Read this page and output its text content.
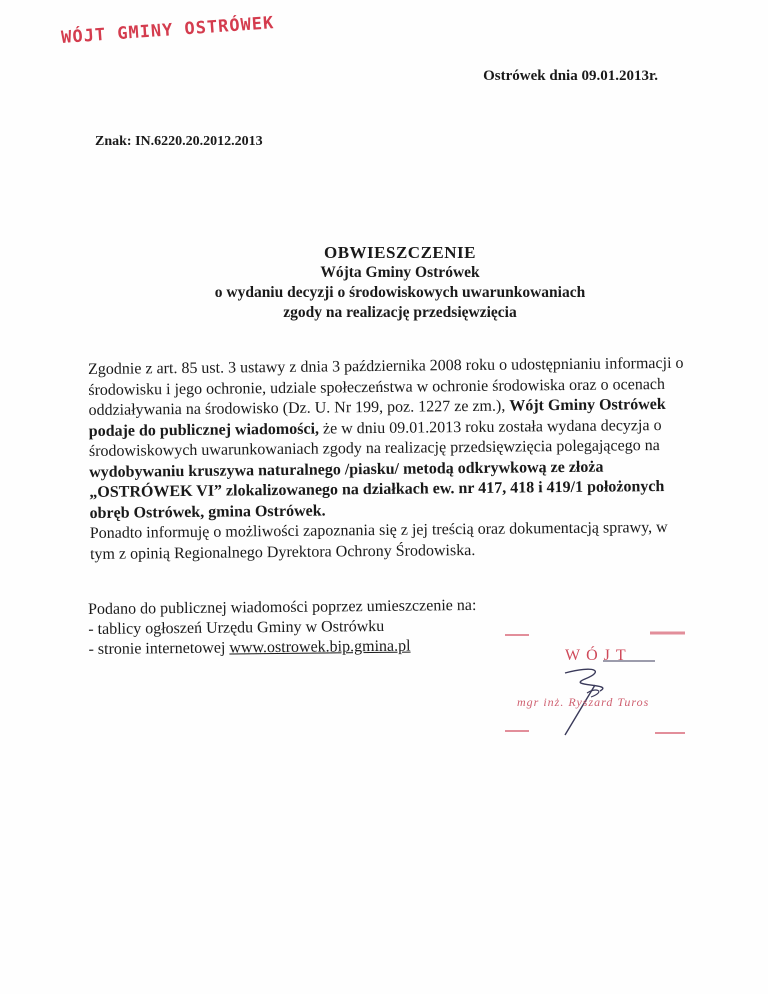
WÓJT GMINY OSTRÓWEK
Ostrówek dnia 09.01.2013r.
Znak: IN.6220.20.2012.2013
OBWIESZCZENIE
Wójta Gminy Ostrówek
o wydaniu decyzji o środowiskowych uwarunkowaniach
zgody na realizację przedsięwzięcia

Zgodnie z art. 85 ust. 3 ustawy z dnia 3 października 2008 roku o udostępnianiu informacji o środowisku i jego ochronie, udziale społeczeństwa w ochronie środowiska oraz o ocenach oddziaływania na środowisko (Dz. U. Nr 199, poz. 1227 ze zm.), Wójt Gminy Ostrówek podaje do publicznej wiadomości, że w dniu 09.01.2013 roku została wydana decyzja o środowiskowych uwarunkowaniach zgody na realizację przedsięwzięcia polegającego na wydobywaniu kruszywa naturalnego /piasku/ metodą odkrywkową ze złoża „OSTRÓWEK VI” zlokalizowanego na działkach ew. nr 417, 418 i 419/1 położonych obręb Ostrówek, gmina Ostrówek.

Ponadto informuję o możliwości zapoznania się z jej treścią oraz dokumentacją sprawy, w tym z opinią Regionalnego Dyrektora Ochrony Środowiska.

Podano do publicznej wiadomości poprzez umieszczenie na:

- tablicy ogłoszeń Urzędu Gminy w Ostrówku

- stronie internetowej www.ostrowek.bip.gmina.pl	WÓJT
mgr inż. Ryszard Turos
